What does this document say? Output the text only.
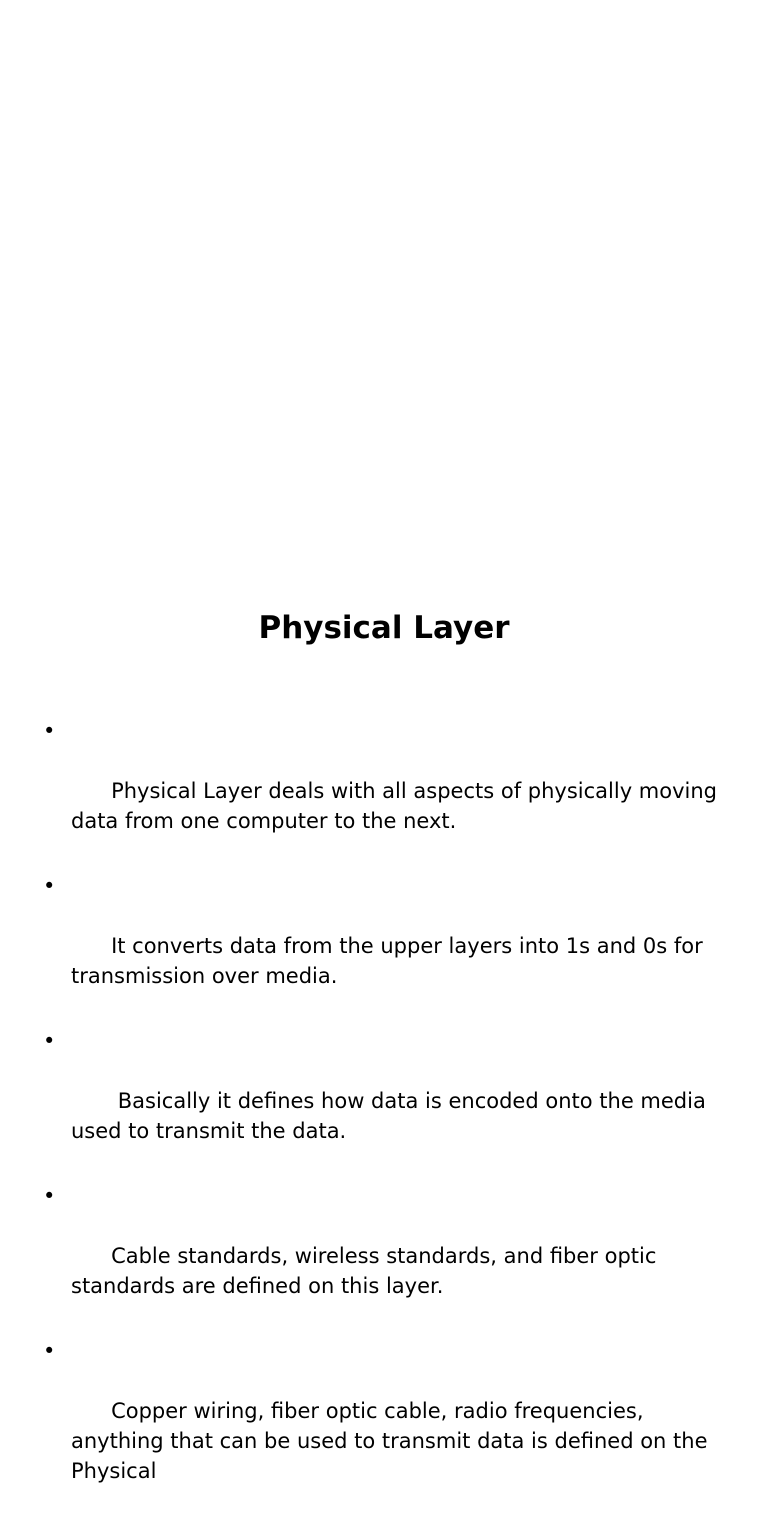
Physical Layer

•

Physical Layer deals with all aspects of physically moving data from one computer to the next.

•

It converts data from the upper layers into 1s and 0s for transmission over media.

•

Basically it defines how data is encoded onto the media used to transmit the data.

•

Cable standards, wireless standards, and fiber optic standards are defined on this layer.

•

Copper wiring, fiber optic cable, radio frequencies, anything that can be used to transmit data is defined on the Physical
